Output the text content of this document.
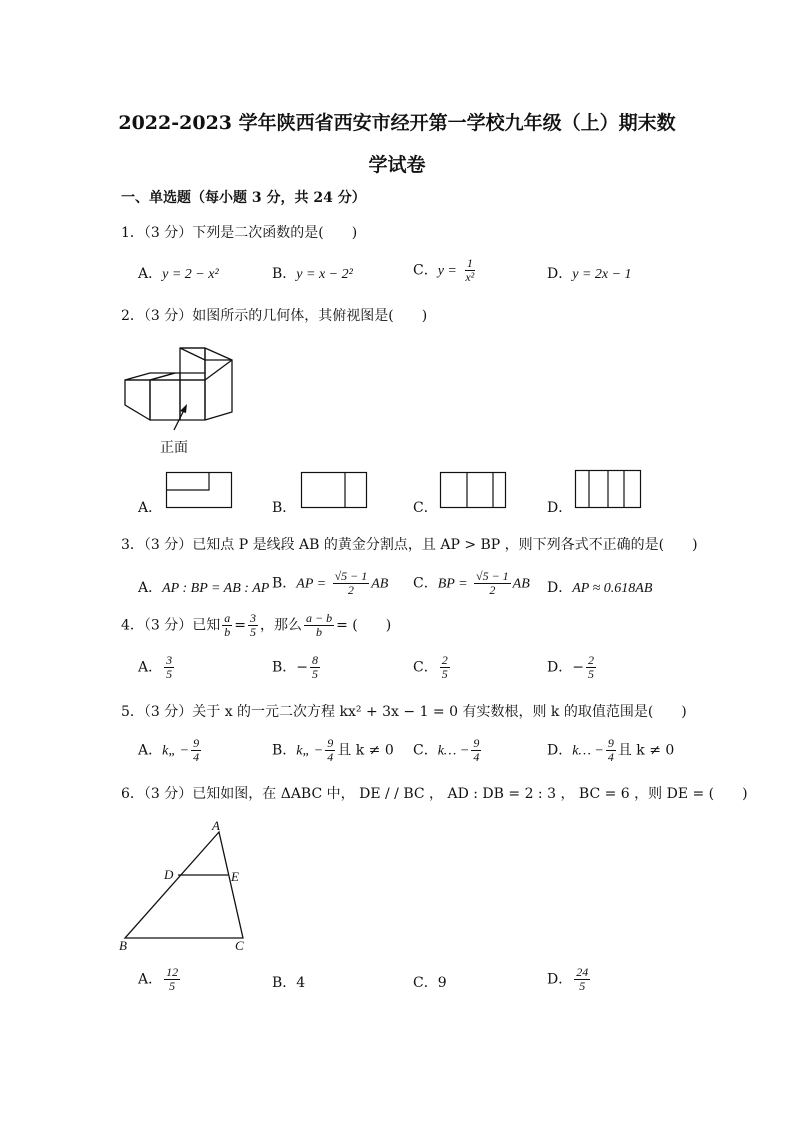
2022-2023 学年陕西省西安市经开第一学校九年级（上）期末数
学试卷
一、单选题（每小题 3 分，共 24 分）
1．（3 分）下列是二次函数的是(　　)
A．y = 2 − x²	B．y = x − 2²	C．$y = \frac{1}{\text{x²}}$	D．y = 2x − 1
2．（3 分）如图所示的几何体，其俯视图是(　　)
正面
A．	B．	C．	D．
3．（3 分）已知点 P 是线段 AB 的黄金分割点，且 AP > BP ，则下列各式不正确的是(　　)
A．AP : BP = AB : AP B．AP = $\frac{√5 - 1}{2}$ AB C．BP = $\frac{√5 - 1}{2}$ AB D．AP ≈ 0.618AB
4．（3 分）已知 $\frac{a}{b} = \frac{3}{5}$ ，那么 $\frac{a - b}{b}$ = (　　)
A． $\frac{3}{5}$	B．− $\frac{8}{5}$	C． $\frac{2}{5}$	D．− $\frac{2}{5}$
5．（3 分）关于 x 的一元二次方程 kx² + 3x − 1 = 0 有实数根，则 k 的取值范围是(　　)
A．k„ − $\frac{9}{4}$	B．k„ − $\frac{9}{4}$ 且 k ≠ 0 C．k… − $\frac{9}{4}$	D．k… − $\frac{9}{4}$ 且 k ≠ 0
6．（3 分）已知如图，在 ΔABC 中， DE / / BC ， AD : DB = 2 : 3 ， BC = 6 ，则 DE = (　　)
A
D	E
B	C
A． $\frac{12}{5}$	B．4	C．9	D． $\frac{24}{5}$
